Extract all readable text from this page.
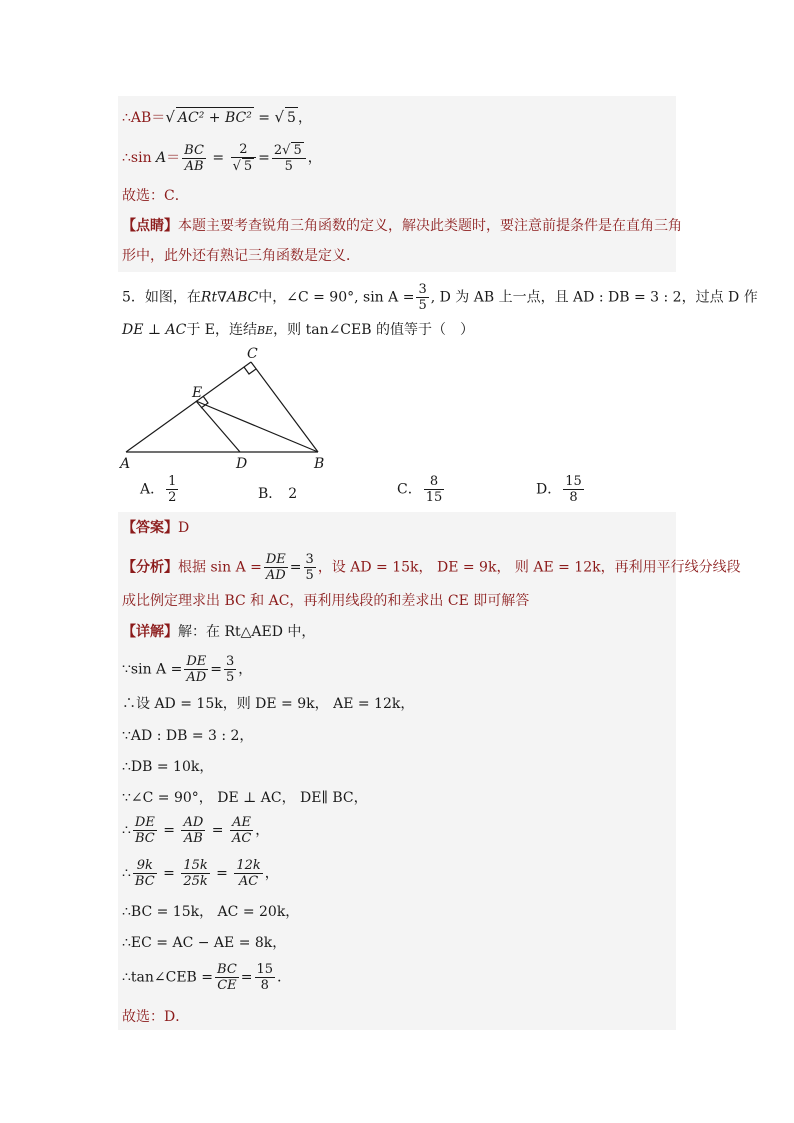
∴AB＝√ AC² + BC² = √ 5 ，
∴sin $A= \frac{BC}{AB} = \frac{2}{√ 5} = \frac{2√ 5}{5}$ ，
故选：C．
【点睛】本题主要考查锐角三角函数的定义，解决此类题时，要注意前提条件是在直角三角
形中，此外还有熟记三角函数是定义．
5．如图，在Rt∇ABC中，∠C = 90°, $\sin A = \frac{3}{5}$ , D 为 AB 上一点，且 AD : DB = 3 : 2，过点 D 作
DE ⊥ AC于 E，连结BE，则 tan∠CEB 的值等于（　）
A	B
C
D
E
A． $\frac{1}{2}$	B． 2	C． $\frac{8}{15}$	D． $\frac{15}{8}$
【答案】D
【分析】根据 $\sin A = \frac{DE}{AD} = \frac{3}{5}$ ，设 AD = 15k， DE = 9k， 则 AE = 12k，再利用平行线分线段
成比例定理求出 BC 和 AC，再利用线段的和差求出 CE 即可解答
【详解】解：在 Rt△AED 中，
∵sin $A = \frac{DE}{AD} = \frac{3}{5}$ ，
∴设 AD = 15k，则 DE = 9k， AE = 12k，
∵AD : DB = 3 : 2，
∴DB = 10k，
∵∠C = 90°， DE ⊥ AC， DE∥ BC，
∴ $\frac{DE}{BC} = \frac{AD}{AB} = \frac{AE}{AC}$ ，
∴ $\frac{9k}{BC} = \frac{15k}{25k} = \frac{12k}{AC}$ ，
∴BC = 15k， AC = 20k，
∴EC = AC − AE = 8k，
∴tan∠CEB = $\frac{BC}{CE} = \frac{15}{8}$ ．
故选：D．
